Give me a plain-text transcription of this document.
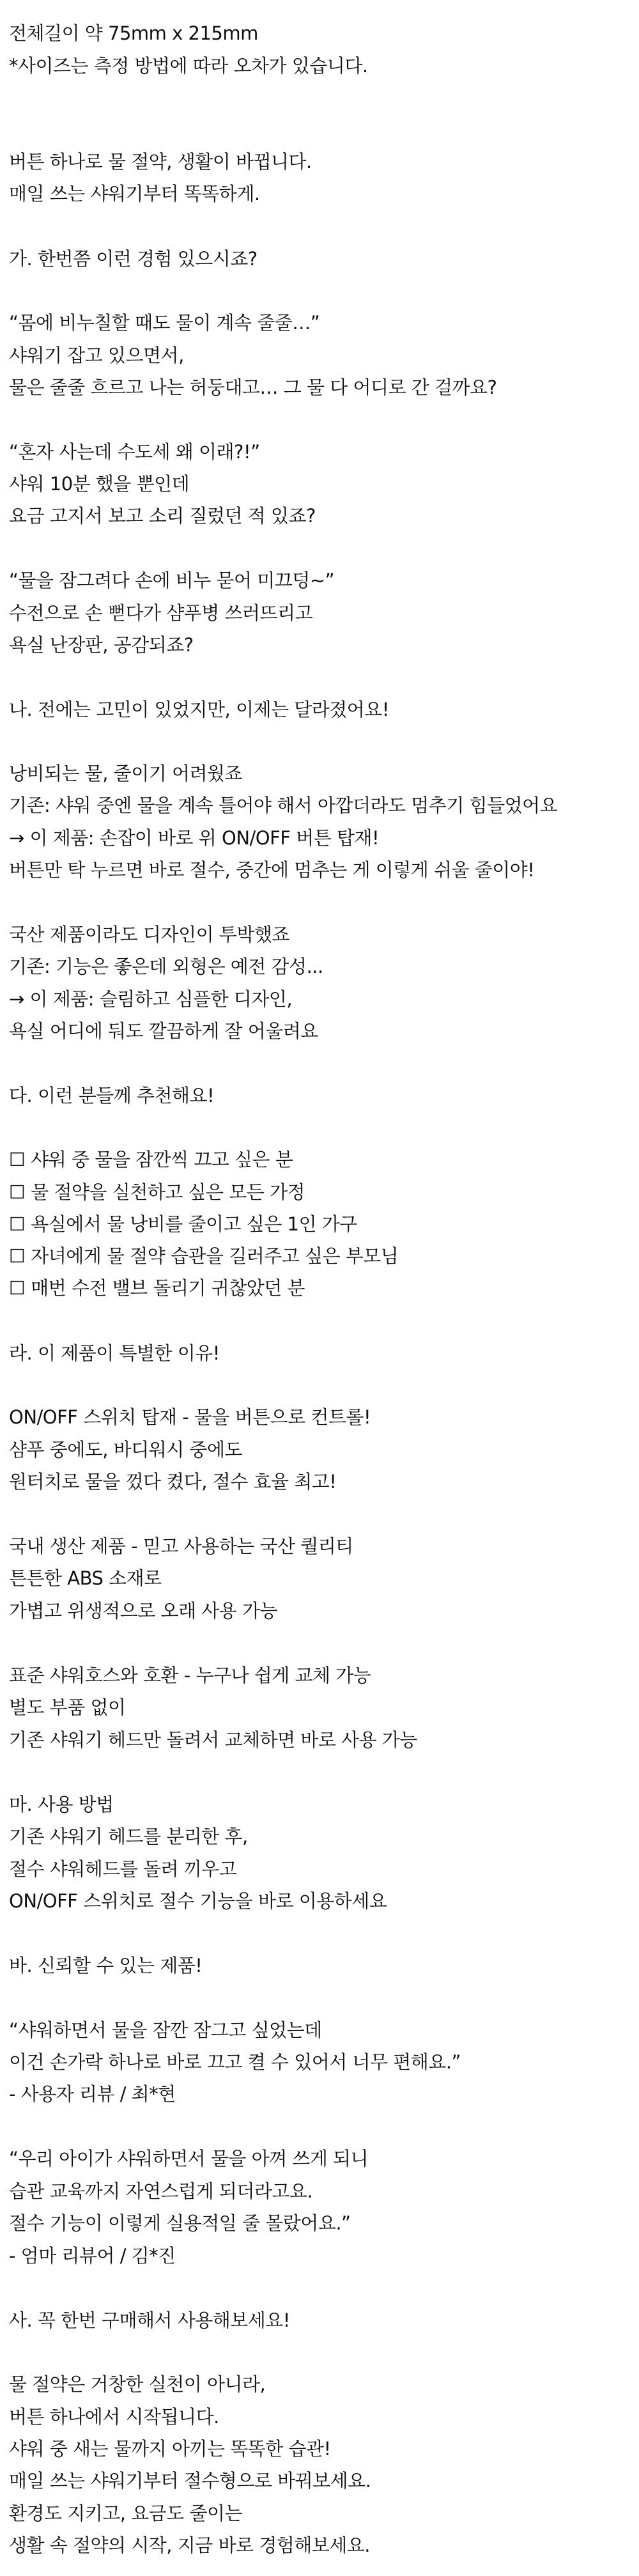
전체길이 약 75mm x 215mm
*사이즈는 측정 방법에 따라 오차가 있습니다.
버튼 하나로 물 절약, 생활이 바뀝니다.
매일 쓰는 샤워기부터 똑똑하게.
가. 한번쯤 이런 경험 있으시죠?
“몸에 비누칠할 때도 물이 계속 줄줄…”
샤워기 잡고 있으면서,
물은 줄줄 흐르고 나는 허둥대고… 그 물 다 어디로 간 걸까요?
“혼자 사는데 수도세 왜 이래?!”
샤워 10분 했을 뿐인데
요금 고지서 보고 소리 질렀던 적 있죠?
“물을 잠그려다 손에 비누 묻어 미끄덩~”
수전으로 손 뻗다가 샴푸병 쓰러뜨리고
욕실 난장판, 공감되죠?
나. 전에는 고민이 있었지만, 이제는 달라졌어요!
낭비되는 물, 줄이기 어려웠죠
기존: 샤워 중엔 물을 계속 틀어야 해서 아깝더라도 멈추기 힘들었어요
→ 이 제품: 손잡이 바로 위 ON/OFF 버튼 탑재!
버튼만 탁 누르면 바로 절수, 중간에 멈추는 게 이렇게 쉬울 줄이야!
국산 제품이라도 디자인이 투박했죠
기존: 기능은 좋은데 외형은 예전 감성...
→ 이 제품: 슬림하고 심플한 디자인,
욕실 어디에 둬도 깔끔하게 잘 어울려요
다. 이런 분들께 추천해요!
☐ 샤워 중 물을 잠깐씩 끄고 싶은 분
☐ 물 절약을 실천하고 싶은 모든 가정
☐ 욕실에서 물 낭비를 줄이고 싶은 1인 가구
☐ 자녀에게 물 절약 습관을 길러주고 싶은 부모님
☐ 매번 수전 밸브 돌리기 귀찮았던 분
라. 이 제품이 특별한 이유!
ON/OFF 스위치 탑재 - 물을 버튼으로 컨트롤!
샴푸 중에도, 바디워시 중에도
원터치로 물을 껐다 켰다, 절수 효율 최고!
국내 생산 제품 - 믿고 사용하는 국산 퀄리티
튼튼한 ABS 소재로
가볍고 위생적으로 오래 사용 가능
표준 샤워호스와 호환 - 누구나 쉽게 교체 가능
별도 부품 없이
기존 샤워기 헤드만 돌려서 교체하면 바로 사용 가능
마. 사용 방법
기존 샤워기 헤드를 분리한 후,
절수 샤워헤드를 돌려 끼우고
ON/OFF 스위치로 절수 기능을 바로 이용하세요
바. 신뢰할 수 있는 제품!
“샤워하면서 물을 잠깐 잠그고 싶었는데
이건 손가락 하나로 바로 끄고 켤 수 있어서 너무 편해요.”
- 사용자 리뷰 / 최*현
“우리 아이가 샤워하면서 물을 아껴 쓰게 되니
습관 교육까지 자연스럽게 되더라고요.
절수 기능이 이렇게 실용적일 줄 몰랐어요.”
- 엄마 리뷰어 / 김*진
사. 꼭 한번 구매해서 사용해보세요!
물 절약은 거창한 실천이 아니라,
버튼 하나에서 시작됩니다.
샤워 중 새는 물까지 아끼는 똑똑한 습관!
매일 쓰는 샤워기부터 절수형으로 바꿔보세요.
환경도 지키고, 요금도 줄이는
생활 속 절약의 시작, 지금 바로 경험해보세요.
